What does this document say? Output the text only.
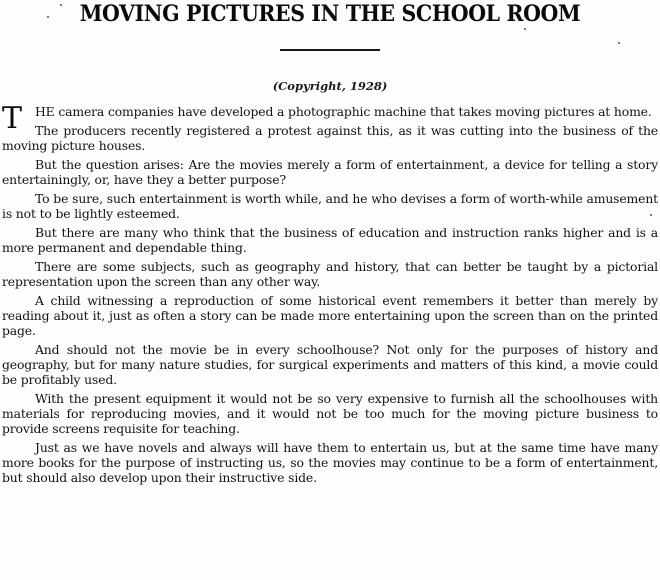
MOVING PICTURES IN THE SCHOOL ROOM
(Copyright, 1928)

T HE camera companies have developed a photographic machine that takes moving pictures at home.

The producers recently registered a protest against this, as it was cutting into the business of the moving picture houses.

But the question arises: Are the movies merely a form of entertainment, a device for telling a story entertainingly, or, have they a better purpose?

To be sure, such entertainment is worth while, and he who devises a form of worth-while amusement is not to be lightly esteemed.

But there are many who think that the business of education and instruction ranks higher and is a more permanent and dependable thing.

There are some subjects, such as geography and history, that can better be taught by a pictorial representation upon the screen than any other way.

A child witnessing a reproduction of some historical event remembers it better than merely by reading about it, just as often a story can be made more entertaining upon the screen than on the printed page.

And should not the movie be in every schoolhouse? Not only for the purposes of history and geography, but for many nature studies, for surgical experiments and matters of this kind, a movie could be profitably used.

With the present equipment it would not be so very expensive to furnish all the schoolhouses with materials for reproducing movies, and it would not be too much for the moving picture business to provide screens requisite for teaching.

Just as we have novels and always will have them to entertain us, but at the same time have many more books for the purpose of instructing us, so the movies may continue to be a form of entertainment, but should also develop upon their instructive side.
